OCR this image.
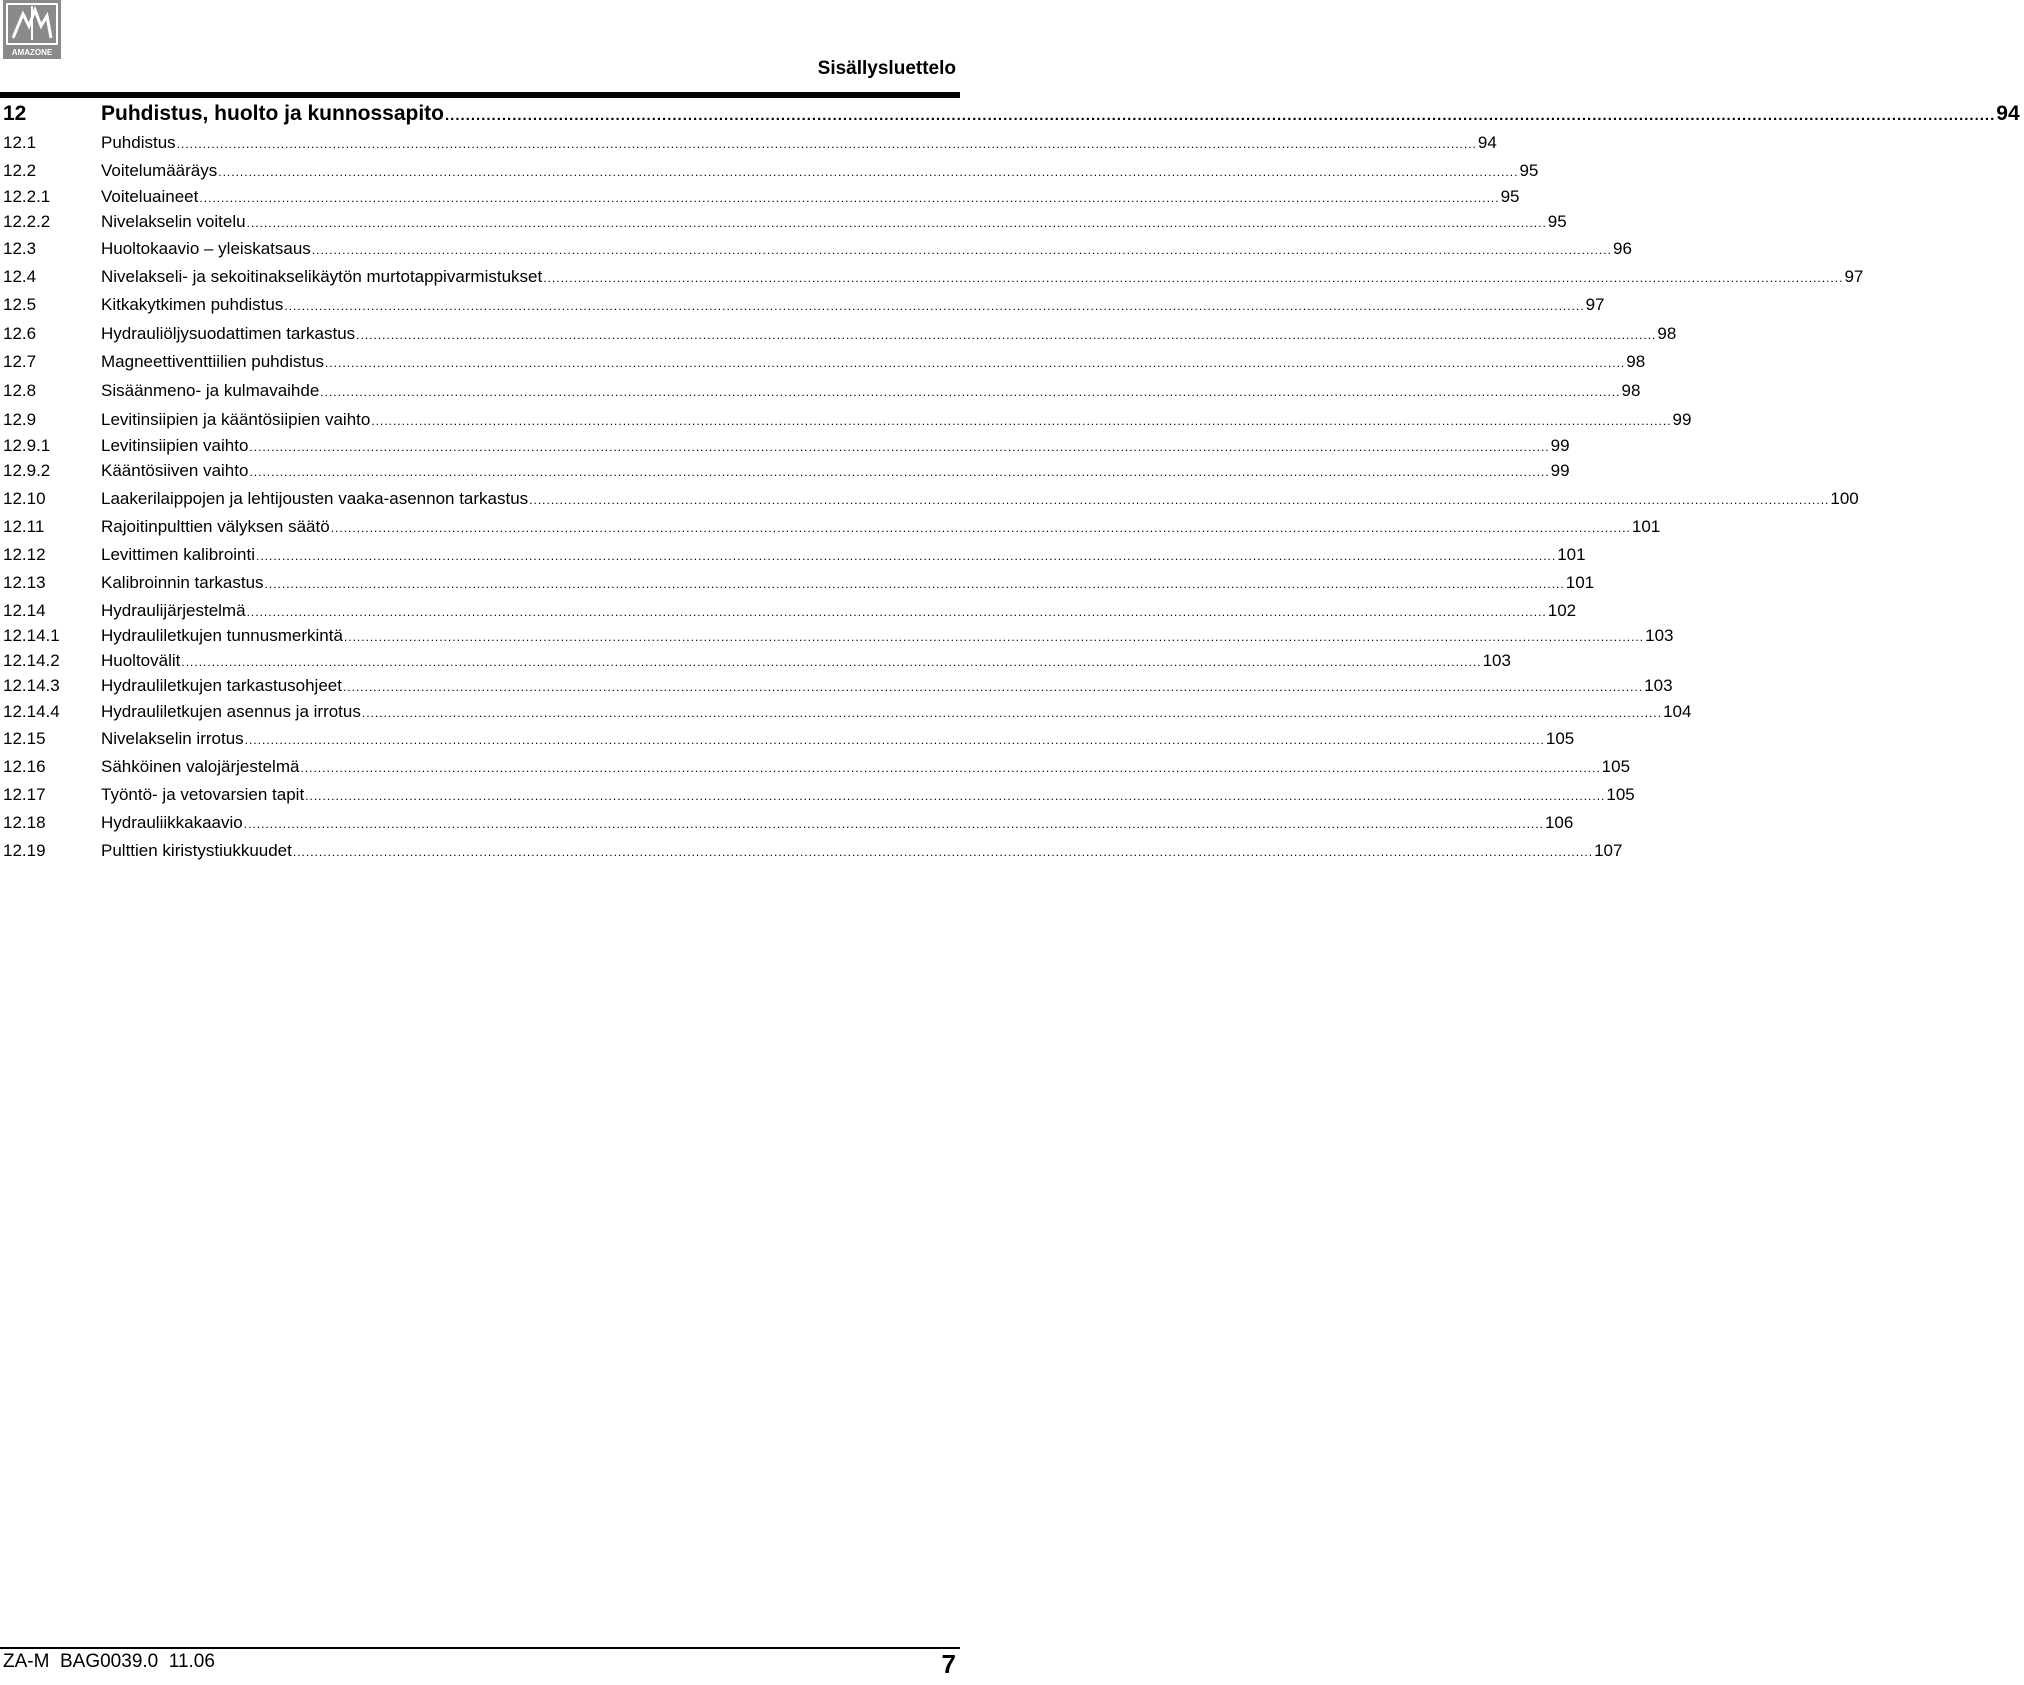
AMAZONE
Sisällysluettelo
12	Puhdistus, huolto ja kunnossapito ............................................................................................................................................................................................................................................................................................................ 94
12.1	Puhdistus ............................................................................................................................................................................................................................................................................................................ 94
12.2	Voitelumääräys ............................................................................................................................................................................................................................................................................................................ 95
12.2.1	Voiteluaineet ............................................................................................................................................................................................................................................................................................................ 95
12.2.2	Nivelakselin voitelu ............................................................................................................................................................................................................................................................................................................ 95
12.3	Huoltokaavio – yleiskatsaus ............................................................................................................................................................................................................................................................................................................ 96
12.4	Nivelakseli- ja sekoitinakselikäytön murtotappivarmistukset ............................................................................................................................................................................................................................................................................................................ 97
12.5	Kitkakytkimen puhdistus ............................................................................................................................................................................................................................................................................................................ 97
12.6	Hydrauliöljysuodattimen tarkastus ............................................................................................................................................................................................................................................................................................................ 98
12.7	Magneettiventtiilien puhdistus ............................................................................................................................................................................................................................................................................................................ 98
12.8	Sisäänmeno- ja kulmavaihde ............................................................................................................................................................................................................................................................................................................ 98
12.9	Levitinsiipien ja kääntösiipien vaihto ............................................................................................................................................................................................................................................................................................................ 99
12.9.1	Levitinsiipien vaihto ............................................................................................................................................................................................................................................................................................................ 99
12.9.2	Kääntösiiven vaihto ............................................................................................................................................................................................................................................................................................................ 99
12.10	Laakerilaippojen ja lehtijousten vaaka-asennon tarkastus ............................................................................................................................................................................................................................................................................................................ 100
12.11	Rajoitinpulttien välyksen säätö ............................................................................................................................................................................................................................................................................................................ 101
12.12	Levittimen kalibrointi ............................................................................................................................................................................................................................................................................................................ 101
12.13	Kalibroinnin tarkastus ............................................................................................................................................................................................................................................................................................................ 101
12.14	Hydraulijärjestelmä ............................................................................................................................................................................................................................................................................................................ 102
12.14.1	Hydrauliletkujen tunnusmerkintä ............................................................................................................................................................................................................................................................................................................ 103
12.14.2	Huoltovälit ............................................................................................................................................................................................................................................................................................................ 103
12.14.3	Hydrauliletkujen tarkastusohjeet ............................................................................................................................................................................................................................................................................................................ 103
12.14.4	Hydrauliletkujen asennus ja irrotus ............................................................................................................................................................................................................................................................................................................ 104
12.15	Nivelakselin irrotus ............................................................................................................................................................................................................................................................................................................ 105
12.16	Sähköinen valojärjestelmä ............................................................................................................................................................................................................................................................................................................ 105
12.17	Työntö- ja vetovarsien tapit ............................................................................................................................................................................................................................................................................................................ 105
12.18	Hydrauliikkakaavio ............................................................................................................................................................................................................................................................................................................ 106
12.19	Pulttien kiristystiukkuudet ............................................................................................................................................................................................................................................................................................................ 107
ZA-M  BAG0039.0  11.06	7
